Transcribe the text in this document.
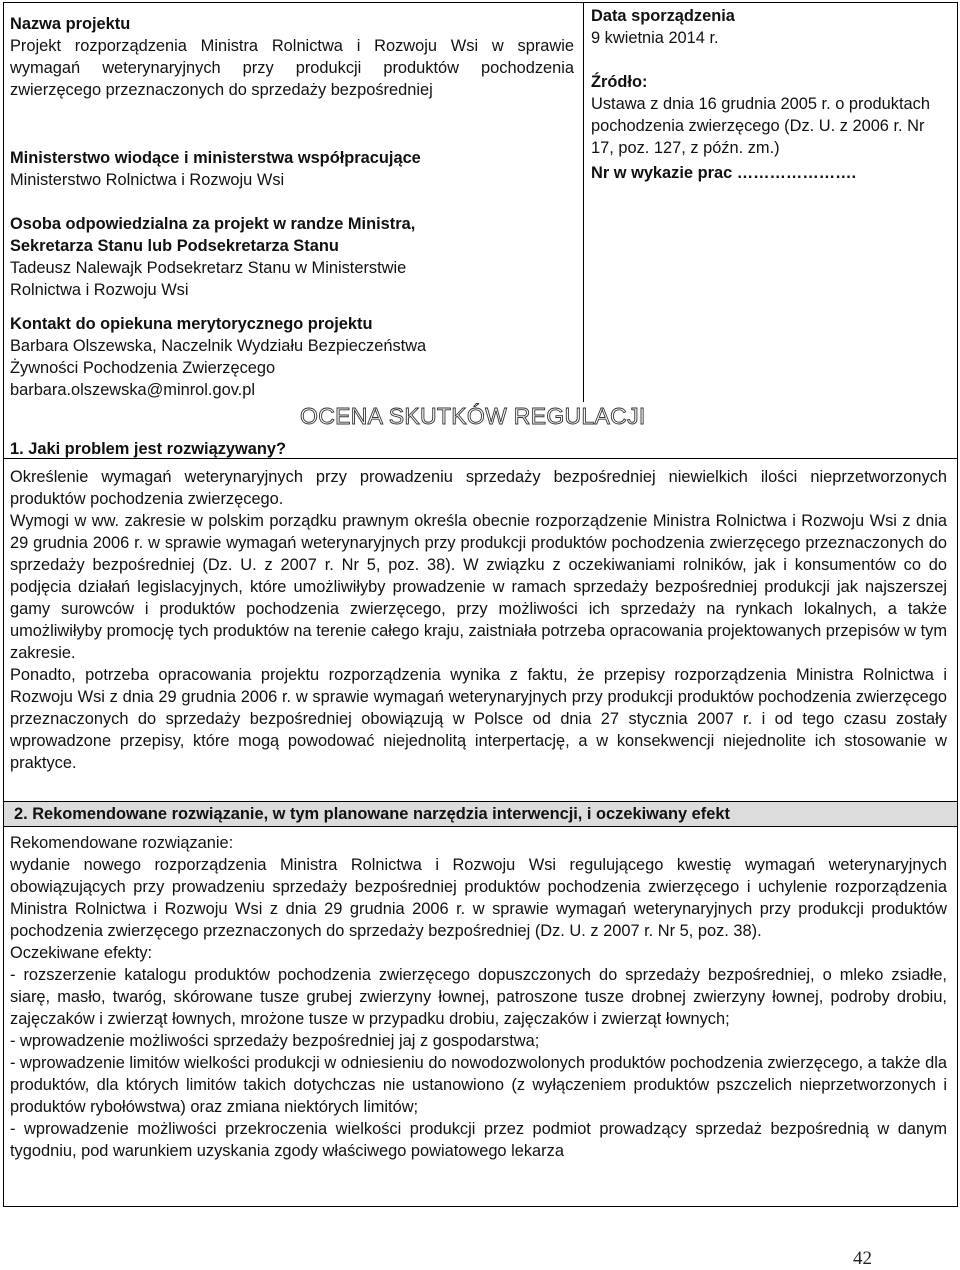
Nazwa projektu

Projekt rozporządzenia Ministra Rolnictwa i Rozwoju Wsi w sprawie wymagań weterynaryjnych przy produkcji produktów pochodzenia zwierzęcego przeznaczonych do sprzedaży bezpośredniej

Ministerstwo wiodące i ministerstwa współpracujące

Ministerstwo Rolnictwa i Rozwoju Wsi

Osoba odpowiedzialna za projekt w randze Ministra,

Sekretarza Stanu lub Podsekretarza Stanu

Tadeusz Nalewajk Podsekretarz Stanu w Ministerstwie

Rolnictwa i Rozwoju Wsi

Kontakt do opiekuna merytorycznego projektu

Barbara Olszewska, Naczelnik Wydziału Bezpieczeństwa

Żywności Pochodzenia Zwierzęcego

barbara.olszewska@minrol.gov.pl

Data sporządzenia

9 kwietnia 2014 r.

Źródło:

Ustawa z dnia 16 grudnia 2005 r. o produktach pochodzenia zwierzęcego (Dz. U. z 2006 r. Nr 17, poz. 127, z późn. zm.)

Nr w wykazie prac ………………….

OCENA SKUTKÓW REGULACJI
1. Jaki problem jest rozwiązywany?

Określenie wymagań weterynaryjnych przy prowadzeniu sprzedaży bezpośredniej niewielkich ilości nieprzetworzonych produktów pochodzenia zwierzęcego.

Wymogi w ww. zakresie w polskim porządku prawnym określa obecnie rozporządzenie Ministra Rolnictwa i Rozwoju Wsi z dnia 29 grudnia 2006 r. w sprawie wymagań weterynaryjnych przy produkcji produktów pochodzenia zwierzęcego przeznaczonych do sprzedaży bezpośredniej (Dz. U. z 2007 r. Nr 5, poz. 38). W związku z oczekiwaniami rolników, jak i konsumentów co do podjęcia działań legislacyjnych, które umożliwiłyby prowadzenie w ramach sprzedaży bezpośredniej produkcji jak najszerszej gamy surowców i produktów pochodzenia zwierzęcego, przy możliwości ich sprzedaży na rynkach lokalnych, a także umożliwiłyby promocję tych produktów na terenie całego kraju, zaistniała potrzeba opracowania projektowanych przepisów w tym zakresie.

Ponadto, potrzeba opracowania projektu rozporządzenia wynika z faktu, że przepisy rozporządzenia Ministra Rolnictwa i Rozwoju Wsi z dnia 29 grudnia 2006 r. w sprawie wymagań weterynaryjnych przy produkcji produktów pochodzenia zwierzęcego przeznaczonych do sprzedaży bezpośredniej obowiązują w Polsce od dnia 27 stycznia 2007 r. i od tego czasu zostały wprowadzone przepisy, które mogą powodować niejednolitą interpertację, a w konsekwencji niejednolite ich stosowanie w praktyce.

2. Rekomendowane rozwiązanie, w tym planowane narzędzia interwencji, i oczekiwany efekt

Rekomendowane rozwiązanie:

wydanie nowego rozporządzenia Ministra Rolnictwa i Rozwoju Wsi regulującego kwestię wymagań weterynaryjnych obowiązujących przy prowadzeniu sprzedaży bezpośredniej produktów pochodzenia zwierzęcego i uchylenie rozporządzenia Ministra Rolnictwa i Rozwoju Wsi z dnia 29 grudnia 2006 r. w sprawie wymagań weterynaryjnych przy produkcji produktów pochodzenia zwierzęcego przeznaczonych do sprzedaży bezpośredniej (Dz. U. z 2007 r. Nr 5, poz. 38).

Oczekiwane efekty:

- rozszerzenie katalogu produktów pochodzenia zwierzęcego dopuszczonych do sprzedaży bezpośredniej, o mleko zsiadłe, siarę, masło, twaróg, skórowane tusze grubej zwierzyny łownej, patroszone tusze drobnej zwierzyny łownej, podroby drobiu, zajęczaków i zwierząt łownych, mrożone tusze w przypadku drobiu, zajęczaków i zwierząt łownych;

- wprowadzenie możliwości sprzedaży bezpośredniej jaj z gospodarstwa;

- wprowadzenie limitów wielkości produkcji w odniesieniu do nowodozwolonych produktów pochodzenia zwierzęcego, a także dla produktów, dla których limitów takich dotychczas nie ustanowiono (z wyłączeniem produktów pszczelich nieprzetworzonych i produktów rybołówstwa) oraz zmiana niektórych limitów;

- wprowadzenie możliwości przekroczenia wielkości produkcji przez podmiot prowadzący sprzedaż bezpośrednią w danym tygodniu, pod warunkiem uzyskania zgody właściwego powiatowego lekarza

42
